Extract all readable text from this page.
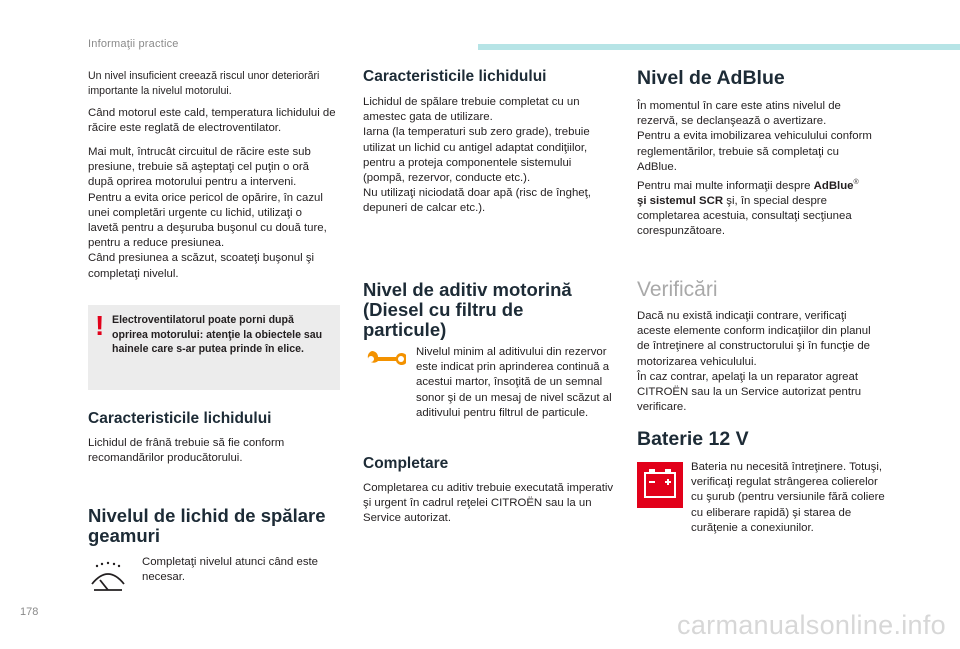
Informaţii practice

Un nivel insuficient creează riscul unor deteriorări importante la nivelul motorului.

Când motorul este cald, temperatura lichidului de răcire este reglată de electroventilator.

Mai mult, întrucât circuitul de răcire este sub
presiune, trebuie să aşteptaţi cel puţin o oră
după oprirea motorului pentru a interveni.
Pentru a evita orice pericol de opărire, în cazul
unei completări urgente cu lichid, utilizaţi o
lavetă pentru a deşuruba buşonul cu două ture,
pentru a reduce presiunea.
Când presiunea a scăzut, scoateţi buşonul şi
completaţi nivelul.
! Electroventilatorul poate porni după oprirea motorului: atenţie la obiectele sau hainele care s-ar putea prinde în elice.
Caracteristicile lichidului

Lichidul de frână trebuie să fie conform recomandărilor producătorului.

Nivelul de lichid de spălare
geamuri

Completaţi nivelul atunci când este necesar.

Caracteristicile lichidului
Lichidul de spălare trebuie completat cu un
amestec gata de utilizare.
Iarna (la temperaturi sub zero grade), trebuie
utilizat un lichid cu antigel adaptat condiţiilor,
pentru a proteja componentele sistemului
(pompă, rezervor, conducte etc.).
Nu utilizaţi niciodată doar apă (risc de îngheţ,
depuneri de calcar etc.).
Nivel de aditiv motorină
(Diesel cu filtru de
particule)

Nivelul minim al aditivului din rezervor este indicat prin aprinderea continuă a acestui martor, însoţită de un semnal sonor şi de un mesaj de nivel scăzut al aditivului pentru filtrul de particule.

Completare

Completarea cu aditiv trebuie executată imperativ şi urgent în cadrul reţelei CITROËN sau la un Service autorizat.

Nivel de AdBlue
În momentul în care este atins nivelul de
rezervă, se declanşează o avertizare.
Pentru a evita imobilizarea vehiculului conform
reglementărilor, trebuie să completaţi cu
AdBlue.
Pentru mai multe informaţii despre AdBlue®
şi sistemul SCR şi, în special despre
completarea acestuia, consultaţi secţiunea
corespunzătoare.
Verificări
Dacă nu există indicaţii contrare, verificaţi
aceste elemente conform indicaţiilor din planul
de întreţinere al constructorului şi în funcţie de
motorizarea vehiculului.
În caz contrar, apelaţi la un reparator agreat
CITROËN sau la un Service autorizat pentru
verificare.
Baterie 12 V

Bateria nu necesită întreţinere. Totuşi, verificaţi regulat strângerea colierelor cu şurub (pentru versiunile fără coliere cu eliberare rapidă) şi starea de curăţenie a conexiunilor.

178	carmanualsonline.info
